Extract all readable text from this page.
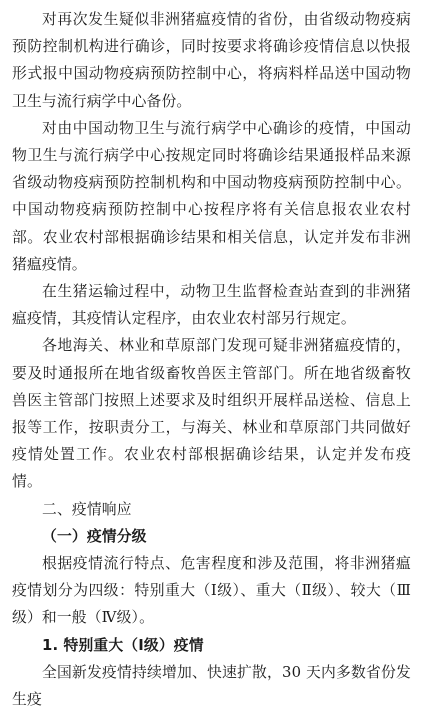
对再次发生疑似非洲猪瘟疫情的省份，由省级动物疫病预防控制机构进行确诊，同时按要求将确诊疫情信息以快报形式报中国动物疫病预防控制中心，将病料样品送中国动物卫生与流行病学中心备份。

对由中国动物卫生与流行病学中心确诊的疫情，中国动物卫生与流行病学中心按规定同时将确诊结果通报样品来源省级动物疫病预防控制机构和中国动物疫病预防控制中心。中国动物疫病预防控制中心按程序将有关信息报农业农村部。农业农村部根据确诊结果和相关信息，认定并发布非洲猪瘟疫情。

在生猪运输过程中，动物卫生监督检查站查到的非洲猪瘟疫情，其疫情认定程序，由农业农村部另行规定。

各地海关、林业和草原部门发现可疑非洲猪瘟疫情的，要及时通报所在地省级畜牧兽医主管部门。所在地省级畜牧兽医主管部门按照上述要求及时组织开展样品送检、信息上报等工作，按职责分工，与海关、林业和草原部门共同做好疫情处置工作。农业农村部根据确诊结果，认定并发布疫情。

二、疫情响应

（一）疫情分级

根据疫情流行特点、危害程度和涉及范围，将非洲猪瘟疫情划分为四级：特别重大（Ⅰ级）、重大（Ⅱ级）、较大（Ⅲ级）和一般（Ⅳ级）。

1. 特别重大（Ⅰ级）疫情

全国新发疫情持续增加、快速扩散，30 天内多数省份发生疫
